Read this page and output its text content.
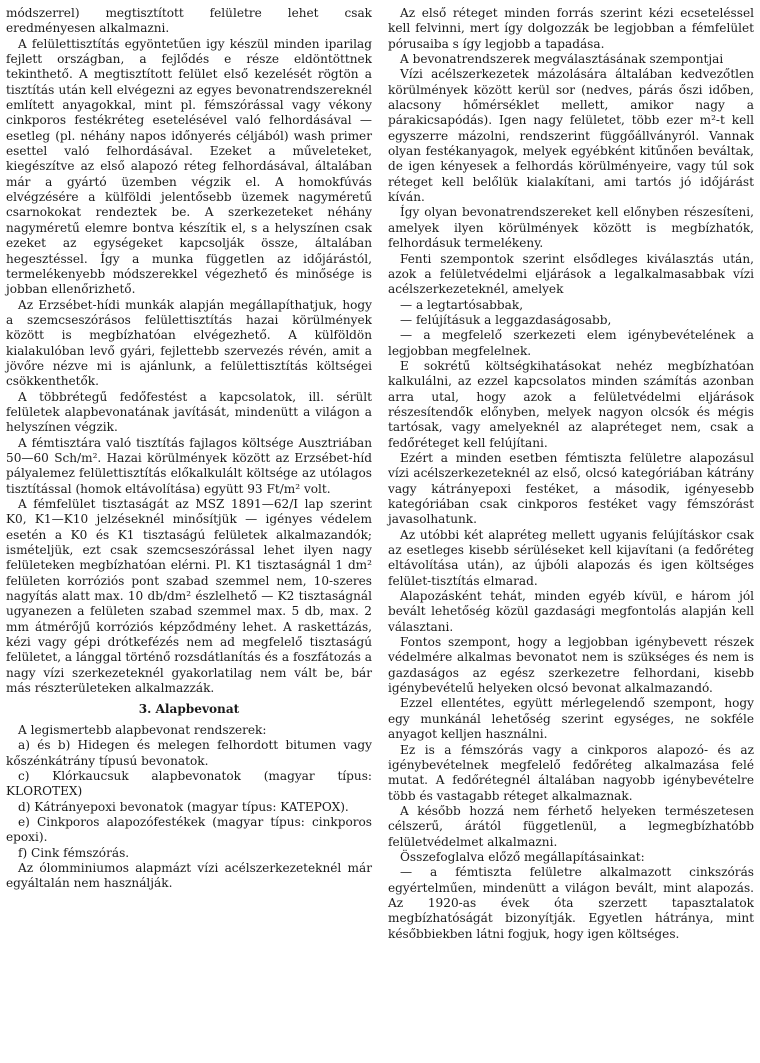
módszerrel) megtisztított felületre lehet csak eredményesen alkalmazni.

A felülettisztítás egyöntetűen igy készül minden iparilag fejlett országban, a fejlődés e része eldöntöttnek tekinthető. A megtisztított felület első kezelését rögtön a tisztítás után kell elvégezni az egyes bevonatrendszereknél említett anyagokkal, mint pl. fémszórással vagy vékony cinkporos festékréteg esetelésével való felhordásával — esetleg (pl. néhány napos időnyerés céljából) wash primer esettel való felhordásával. Ezeket a műveleteket, kiegészítve az első alapozó réteg felhordásával, általában már a gyártó üzemben végzik el. A homokfúvás elvégzésére a külföldi jelentősebb üzemek nagyméretű csarnokokat rendeztek be. A szerkezeteket néhány nagyméretű elemre bontva készítik el, s a helyszínen csak ezeket az egységeket kapcsolják össze, általában hegesztéssel. Így a munka független az időjárástól, termelékenyebb módszerekkel végezhető és minősége is jobban ellenőrizhető.

Az Erzsébet-hídi munkák alapján megállapíthatjuk, hogy a szemcseszórásos felülettisztítás hazai körülmények között is megbízhatóan elvégezhető. A külföldön kialakulóban levő gyári, fejlettebb szervezés révén, amit a jövőre nézve mi is ajánlunk, a felülettisztítás költségei csökkenthetők.

A többrétegű fedőfestést a kapcsolatok, ill. sérült felületek alapbevonatának javítását, mindenütt a világon a helyszínen végzik.

A fémtisztára való tisztítás fajlagos költsége Ausztriában 50—60 Sch/m². Hazai körülmények között az Erzsébet-híd pályalemez felülettisztítás előkalkulált költsége az utólagos tisztítással (homok eltávolítása) együtt 93 Ft/m² volt.

A fémfelület tisztaságát az MSZ 1891—62/I lap szerint K0, K1—K10 jelzéseknél minősítjük — igényes védelem esetén a K0 és K1 tisztaságú felületek alkalmazandók; ismételjük, ezt csak szemcseszórással lehet ilyen nagy felületeken megbízhatóan elérni. Pl. K1 tisztaságnál 1 dm² felületen korróziós pont szabad szemmel nem, 10-szeres nagyítás alatt max. 10 db/dm² észlelhető — K2 tisztaságnál ugyanezen a felületen szabad szemmel max. 5 db, max. 2 mm átmérőjű korróziós képződmény lehet. A raskettázás, kézi vagy gépi drótkefézés nem ad megfelelő tisztaságú felületet, a lánggal történő rozsdátlanítás és a foszfátozás a nagy vízi szerkezeteknél gyakorlatilag nem vált be, bár más részterületeken alkalmazzák.

3. Alapbevonat

A legismertebb alapbevonat rendszerek:

a) és b) Hidegen és melegen felhordott bitumen vagy kőszénkátrány típusú bevonatok.

c) Klórkaucsuk alapbevonatok (magyar típus: KLOROTEX)

d) Kátrányepoxi bevonatok (magyar típus: KATEPOX).

e) Cinkporos alapozófestékek (magyar típus: cinkporos epoxi).

f) Cink fémszórás.

Az ólomminiumos alapmázt vízi acélszerkezeteknél már egyáltalán nem használják.

Az első réteget minden forrás szerint kézi ecseteléssel kell felvinni, mert így dolgozzák be legjobban a fémfelület pórusaiba s így legjobb a tapadása.

A bevonatrendszerek megválasztásának szempontjai

Vízi acélszerkezetek mázolására általában kedvezőtlen körülmények között kerül sor (nedves, párás őszi időben, alacsony hőmérséklet mellett, amikor nagy a párakicsapódás). Igen nagy felületet, több ezer m²-t kell egyszerre mázolni, rendszerint függőállványról. Vannak olyan festékanyagok, melyek egyébként kitűnően beváltak, de igen kényesek a felhordás körülményeire, vagy túl sok réteget kell belőlük kialakítani, ami tartós jó időjárást kíván.

Így olyan bevonatrendszereket kell előnyben részesíteni, amelyek ilyen körülmények között is megbízhatók, felhordásuk termelékeny.

Fenti szempontok szerint elsődleges kiválasztás után, azok a felületvédelmi eljárások a legalkalmasabbak vízi acélszerkezeteknél, amelyek

— a legtartósabbak,

— felújításuk a leggazdaságosabb,

— a megfelelő szerkezeti elem igénybevételének a legjobban megfelelnek.

E sokrétű költségkihatásokat nehéz megbízhatóan kalkulálni, az ezzel kapcsolatos minden számítás azonban arra utal, hogy azok a felületvédelmi eljárások részesítendők előnyben, melyek nagyon olcsók és mégis tartósak, vagy amelyeknél az alapréteget nem, csak a fedőréteget kell felújítani.

Ezért a minden esetben fémtiszta felületre alapozásul vízi acélszerkezeteknél az első, olcsó kategóriában kátrány vagy kátrányepoxi festéket, a második, igényesebb kategóriában csak cinkporos festéket vagy fémszórást javasolhatunk.

Az utóbbi két alapréteg mellett ugyanis felújításkor csak az esetleges kisebb sérüléseket kell kijavítani (a fedőréteg eltávolítása után), az újbóli alapozás és igen költséges felület-tisztítás elmarad.

Alapozásként tehát, minden egyéb kívül, e három jól bevált lehetőség közül gazdasági megfontolás alapján kell választani.

Fontos szempont, hogy a legjobban igénybevett részek védelmére alkalmas bevonatot nem is szükséges és nem is gazdaságos az egész szerkezetre felhordani, kisebb igénybevételű helyeken olcsó bevonat alkalmazandó.

Ezzel ellentétes, együtt mérlegelendő szempont, hogy egy munkánál lehetőség szerint egységes, ne sokféle anyagot kelljen használni.

Ez is a fémszórás vagy a cinkporos alapozó- és az igénybevételnek megfelelő fedőréteg alkalmazása felé mutat. A fedőrétegnél általában nagyobb igénybevételre több és vastagabb réteget alkalmaznak.

A később hozzá nem férhető helyeken természetesen célszerű, árától függetlenül, a legmegbízhatóbb felületvédelmet alkalmazni.

Összefoglalva előző megállapításainkat:

— a fémtiszta felületre alkalmazott cinkszórás egyértelműen, mindenütt a világon bevált, mint alapozás. Az 1920-as évek óta szerzett tapasztalatok megbízhatóságát bizonyítják. Egyetlen hátránya, mint későbbiekben látni fogjuk, hogy igen költséges.
